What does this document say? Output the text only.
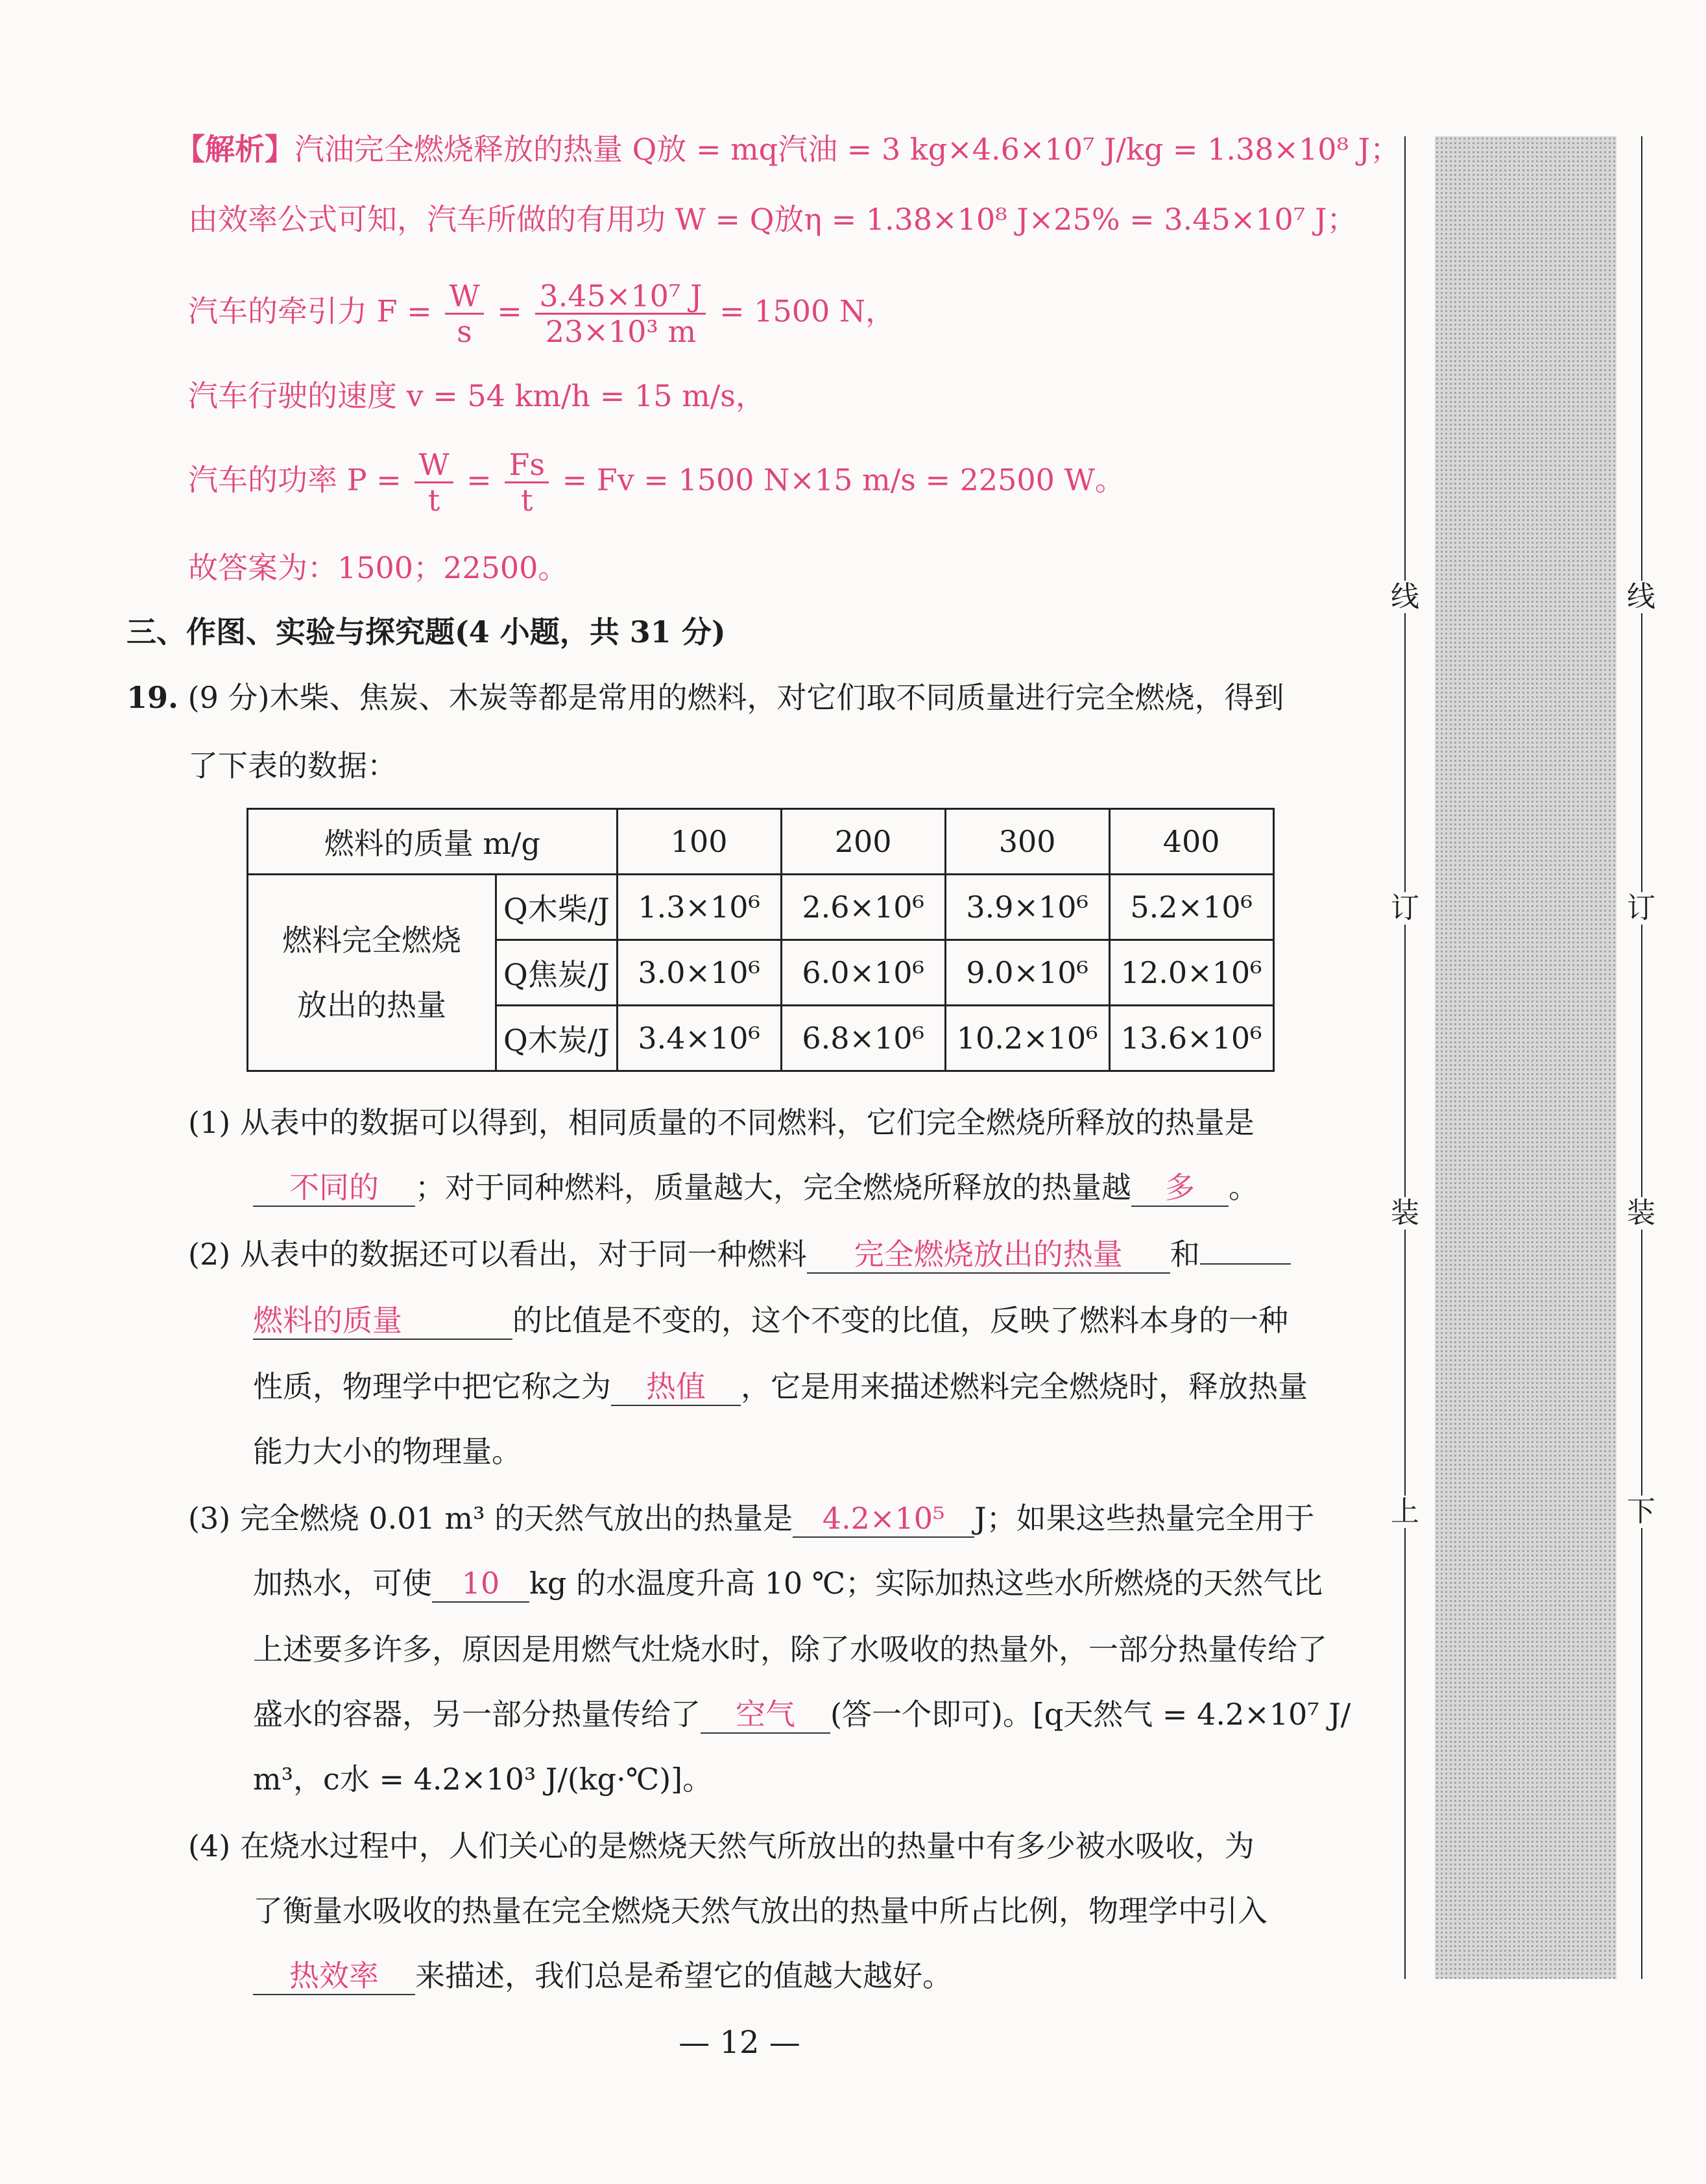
【解析】汽油完全燃烧释放的热量 Q放 = mq汽油 = 3 kg×4.6×10⁷ J/kg = 1.38×10⁸ J；
由效率公式可知，汽车所做的有用功 W = Q放η = 1.38×10⁸ J×25% = 3.45×10⁷ J；
汽车的牵引力 $F = \frac{W}{s} = \frac{\text{3.45×10⁷ J}}{\text{23×10³ m}} = 1500$ N，
汽车行驶的速度 v = 54 km/h = 15 m/s，
汽车的功率 $P = \frac{W}{t} = \frac{Fs}{t} = Fv = 1500$ N×15 m/s = 22500 W。
故答案为：1500；22500。
三、作图、实验与探究题(4 小题，共 31 分)
19. (9 分)木柴、焦炭、木炭等都是常用的燃料，对它们取不同质量进行完全燃烧，得到
了下表的数据：
燃料的质量 m/g		100	200	300	400

燃料完全燃烧
放出的热量	Q木柴/J	1.3×10⁶	2.6×10⁶	3.9×10⁶	5.2×10⁶
	Q焦炭/J	3.0×10⁶	6.0×10⁶	9.0×10⁶	12.0×10⁶
	Q木炭/J	3.4×10⁶	6.8×10⁶	10.2×10⁶	13.6×10⁶
(1) 从表中的数据可以得到，相同质量的不同燃料，它们完全燃烧所释放的热量是
不同的 ；对于同种燃料，质量越大，完全燃烧所释放的热量越 多 。
(2) 从表中的数据还可以看出，对于同一种燃料 完全燃烧放出的热量 和
燃料的质量	的比值是不变的，这个不变的比值，反映了燃料本身的一种
性质，物理学中把它称之为 热值 ，它是用来描述燃料完全燃烧时，释放热量
能力大小的物理量。
(3) 完全燃烧 0.01 m³ 的天然气放出的热量是 4.2×10⁵ J；如果这些热量完全用于
加热水，可使 10 kg 的水温度升高 10 ℃；实际加热这些水所燃烧的天然气比
上述要多许多，原因是用燃气灶烧水时，除了水吸收的热量外，一部分热量传给了
盛水的容器，另一部分热量传给了 空气 (答一个即可)。[q天然气 = 4.2×10⁷ J/
m³，c水 = 4.2×10³ J/(kg·℃)]。
(4) 在烧水过程中，人们关心的是燃烧天然气所放出的热量中有多少被水吸收，为
了衡量水吸收的热量在完全燃烧天然气放出的热量中所占比例，物理学中引入
热效率 来描述，我们总是希望它的值越大越好。
线
订
装
上
线
订
装
下
— 12 —
